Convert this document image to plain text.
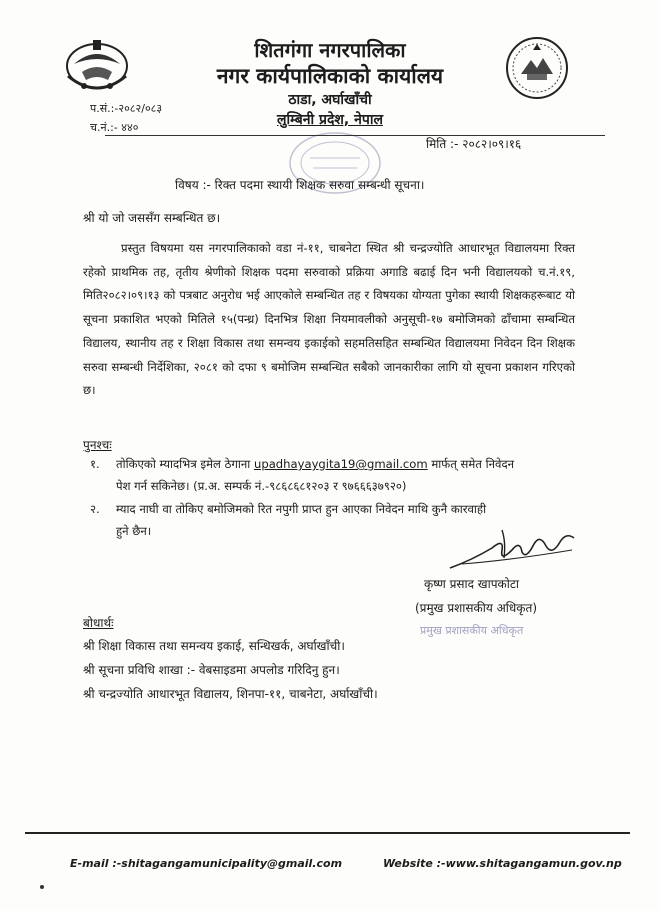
शितगंगा नगरपालिका
नगर कार्यपालिकाको कार्यालय
ठाडा, अर्घाखाँची
लुम्बिनी प्रदेश, नेपाल
प.सं.:-२०८२/०८३
च.नं.:- ४४०
मिति :- २०८२।०९।१६
विषय :- रिक्त पदमा स्थायी शिक्षक सरुवा सम्बन्धी सूचना।
श्री यो जो जससँग सम्बन्धित छ।
प्रस्तुत विषयमा यस नगरपालिकाको वडा नं-११, चाबनेटा स्थित श्री चन्द्रज्योति आधारभूत विद्यालयमा रिक्त रहेको प्राथमिक तह, तृतीय श्रेणीको शिक्षक पदमा सरुवाको प्रक्रिया अगाडि बढाई दिन भनी विद्यालयको च.नं.१९, मिति२०८२।०९।१३ को पत्रबाट अनुरोध भई आएकोले सम्बन्धित तह र विषयका योग्यता पुगेका स्थायी शिक्षकहरूबाट यो सूचना प्रकाशित भएको मितिले १५(पन्ध्र) दिनभित्र शिक्षा नियमावलीको अनुसूची-१७ बमोजिमको ढाँचामा सम्बन्धित विद्यालय, स्थानीय तह र शिक्षा विकास तथा समन्वय इकाईको सहमतिसहित सम्बन्धित विद्यालयमा निवेदन दिन शिक्षक सरुवा सम्बन्धी निर्देशिका, २०८१ को दफा ९ बमोजिम सम्बन्धित सबैको जानकारीका लागि यो सूचना प्रकाशन गरिएको छ।
पुनश्चः
१. तोकिएको म्यादभित्र इमेल ठेगाना upadhayaygita19@gmail.com मार्फत् समेत निवेदन
पेश गर्न सकिनेछ। (प्र.अ. सम्पर्क नं.-९८६८६८१२०३ र ९७६६६३७९२०)
२. म्याद नाघी वा तोकिए बमोजिमको रित नपुगी प्राप्त हुन आएका निवेदन माथि कुनै कारवाही
हुने छैन।
कृष्ण प्रसाद खापकोटा
(प्रमुख प्रशासकीय अधिकृत)
प्रमुख प्रशासकीय अधिकृत
बोधार्थः
श्री शिक्षा विकास तथा समन्वय इकाई, सन्धिखर्क, अर्घाखाँची।
श्री सूचना प्रविधि शाखा :- वेबसाइडमा अपलोड गरिदिनु हुन।
श्री चन्द्रज्योति आधारभूत विद्यालय, शिनपा-११, चाबनेटा, अर्घाखाँची।
E-mail :-shitagangamunicipality@gmail.com	Website :-www.shitagangamun.gov.np
